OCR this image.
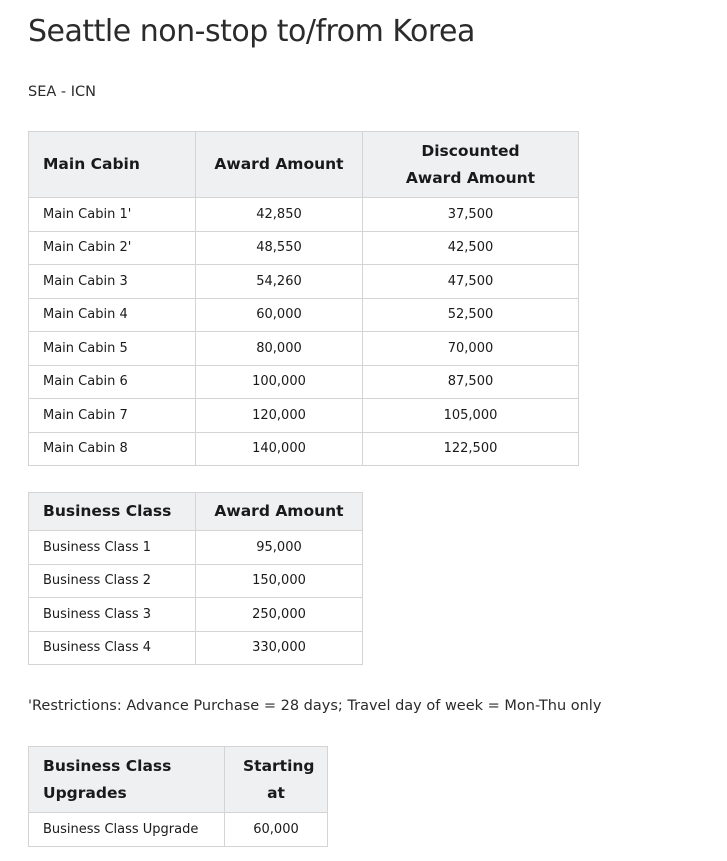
Seattle non-stop to/from Korea
SEA - ICN
Main Cabin	Award Amount	Discounted Award Amount
Main Cabin 1'	42,850	37,500
Main Cabin 2'	48,550	42,500
Main Cabin 3	54,260	47,500
Main Cabin 4	60,000	52,500
Main Cabin 5	80,000	70,000
Main Cabin 6	100,000	87,500
Main Cabin 7	120,000	105,000
Main Cabin 8	140,000	122,500
Business Class	Award Amount
Business Class 1	95,000
Business Class 2	150,000
Business Class 3	250,000
Business Class 4	330,000
'Restrictions: Advance Purchase = 28 days; Travel day of week = Mon-Thu only
Business Class Upgrades	Starting at
Business Class Upgrade	60,000
